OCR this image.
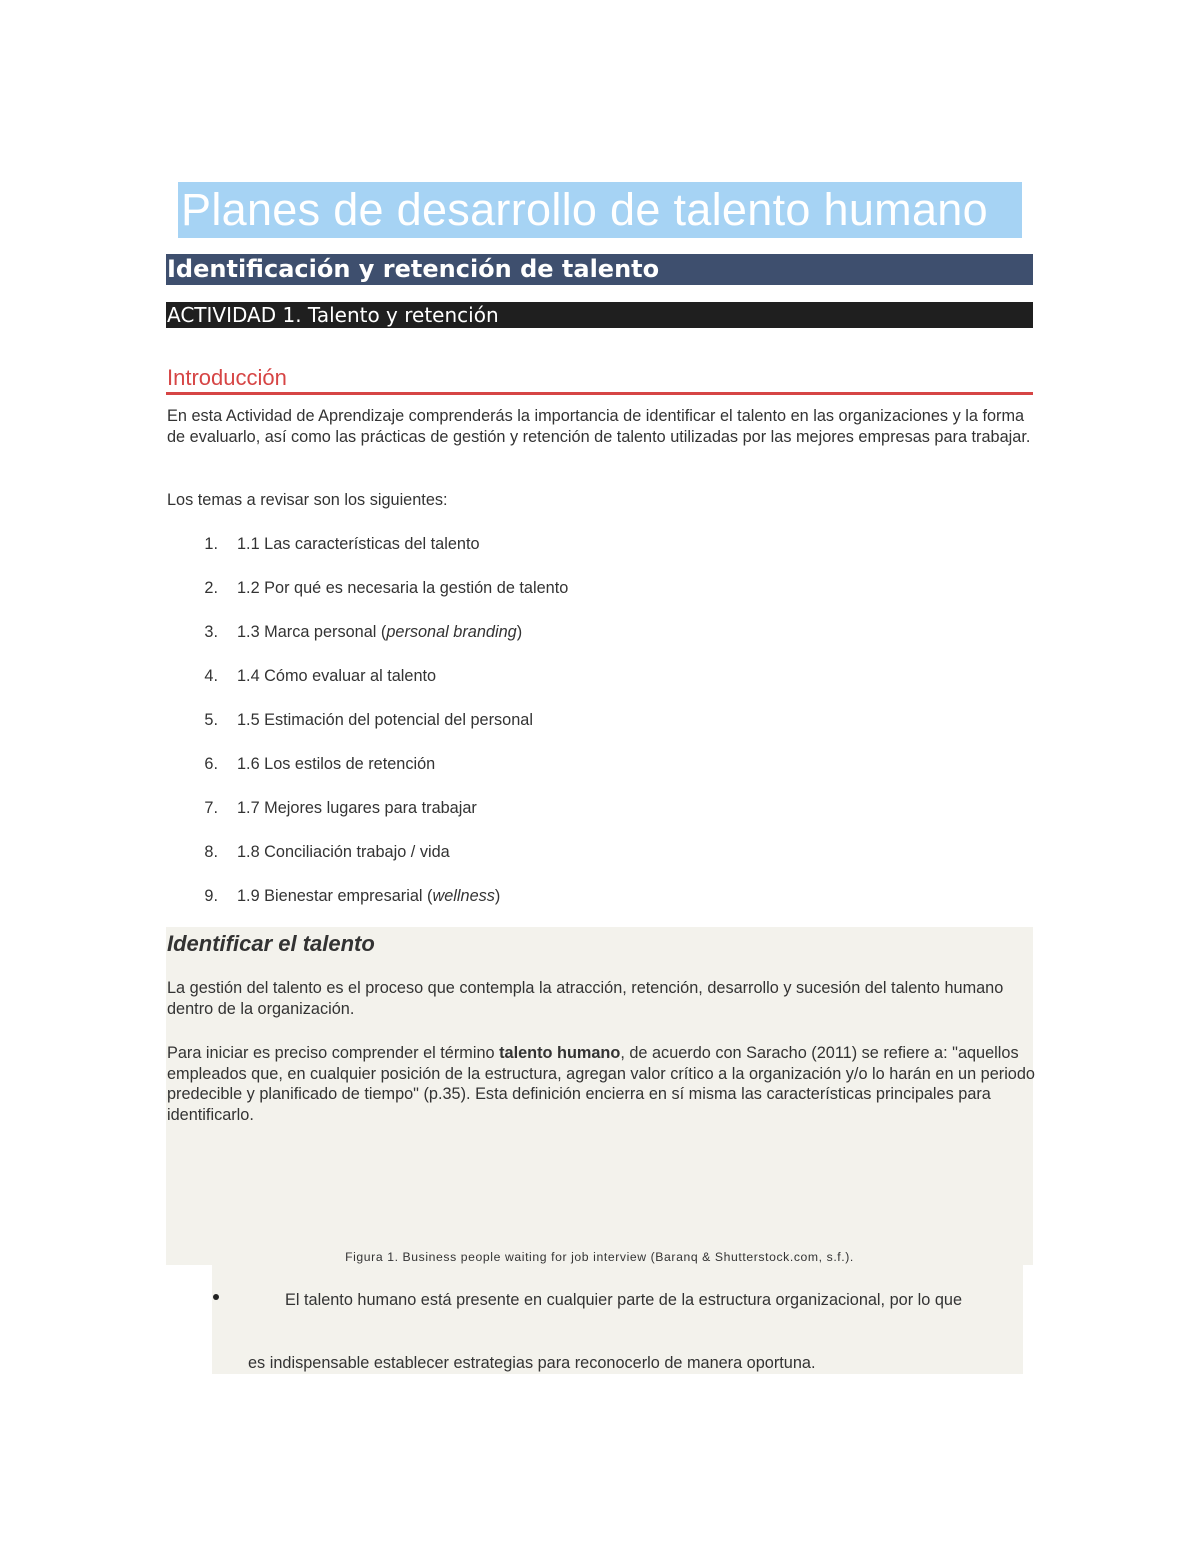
Planes de desarrollo de talento humano
Identificación y retención de talento
ACTIVIDAD 1. Talento y retención
Introducción
En esta Actividad de Aprendizaje comprenderás la importancia de identificar el talento en las organizaciones y la forma de evaluarlo, así como las prácticas de gestión y retención de talento utilizadas por las mejores empresas para trabajar.
Los temas a revisar son los siguientes:
1. 1.1 Las características del talento
2. 1.2 Por qué es necesaria la gestión de talento
3. 1.3 Marca personal (personal branding)
4. 1.4 Cómo evaluar al talento
5. 1.5 Estimación del potencial del personal
6. 1.6 Los estilos de retención
7. 1.7 Mejores lugares para trabajar
8. 1.8 Conciliación trabajo / vida
9. 1.9 Bienestar empresarial (wellness)
Identificar el talento
La gestión del talento es el proceso que contempla la atracción, retención, desarrollo y sucesión del talento humano dentro de la organización.
Para iniciar es preciso comprender el término talento humano, de acuerdo con Saracho (2011) se refiere a: "aquellos empleados que, en cualquier posición de la estructura, agregan valor crítico a la organización y/o lo harán en un periodo predecible y planificado de tiempo" (p.35). Esta definición encierra en sí misma las características principales para identificarlo.
Figura 1. Business people waiting for job interview (Baranq & Shutterstock.com, s.f.).
El talento humano está presente en cualquier parte de la estructura organizacional, por lo que
es indispensable establecer estrategias para reconocerlo de manera oportuna.
